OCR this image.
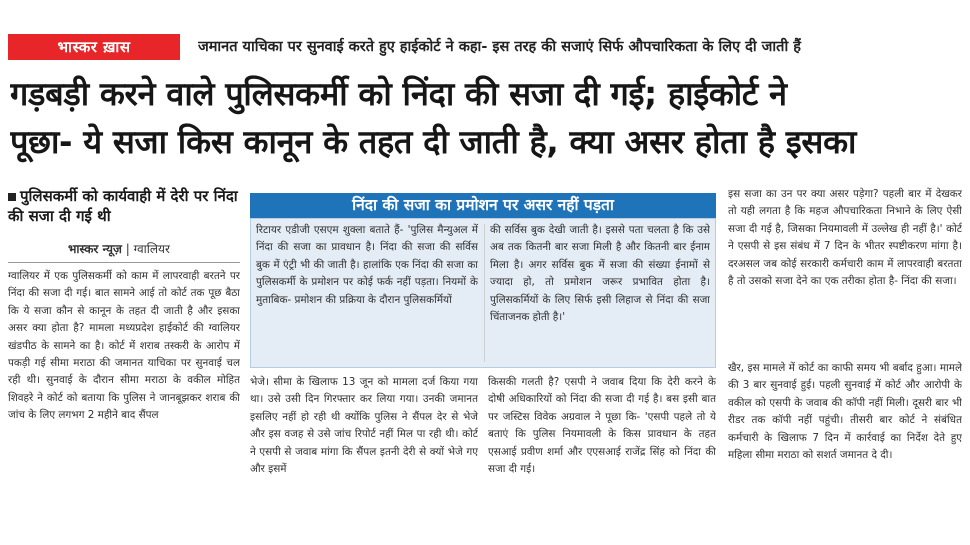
भास्कर ख़ास	जमानत याचिका पर सुनवाई करते हुए हाईकोर्ट ने कहा- इस तरह की सजाएं सिर्फ औपचारिकता के लिए दी जाती हैं
गड़बड़ी करने वाले पुलिसकर्मी को निंदा की सजा दी गई; हाईकोर्ट ने
पूछा- ये सजा किस कानून के तहत दी जाती है, क्या असर होता है इसका
पुलिसकर्मी को कार्यवाही में देरी पर निंदा की सजा दी गई थी
भास्कर न्यूज़ | ग्वालियर

ग्वालियर में एक पुलिसकर्मी को काम में लापरवाही बरतने पर निंदा की सजा दी गई। बात सामने आई तो कोर्ट तक पूछ बैठा कि ये सजा कौन से कानून के तहत दी जाती है और इसका असर क्या होता है? मामला मध्यप्रदेश हाईकोर्ट की ग्वालियर खंडपीठ के सामने का है। कोर्ट में शराब तस्करी के आरोप में पकड़ी गई सीमा मराठा की जमानत याचिका पर सुनवाई चल रही थी। सुनवाई के दौरान सीमा मराठा के वकील मोहित शिवहरे ने कोर्ट को बताया कि पुलिस ने जानबूझकर शराब की जांच के लिए लगभग 2 महीने बाद सैंपल

निंदा की सजा का प्रमोशन पर असर नहीं पड़ता

रिटायर एडीजी एसएम शुक्ला बताते हैं- 'पुलिस मैन्युअल में निंदा की सजा का प्रावधान है। निंदा की सजा की सर्विस बुक में एंट्री भी की जाती है। हालांकि एक निंदा की सजा का पुलिसकर्मी के प्रमोशन पर कोई फर्क नहीं पड़ता। नियमों के मुताबिक- प्रमोशन की प्रक्रिया के दौरान पुलिसकर्मियों

की सर्विस बुक देखी जाती है। इससे पता चलता है कि उसे अब तक कितनी बार सजा मिली है और कितनी बार ईनाम मिला है। अगर सर्विस बुक में सजा की संख्या ईनामों से ज्यादा हो, तो प्रमोशन जरूर प्रभावित होता है। पुलिसकर्मियों के लिए सिर्फ इसी लिहाज से निंदा की सजा चिंताजनक होती है।'

भेजे। सीमा के खिलाफ 13 जून को मामला दर्ज किया गया था। उसे उसी दिन गिरफ्तार कर लिया गया। उनकी जमानत इसलिए नहीं हो रही थी क्योंकि पुलिस ने सैंपल देर से भेजे और इस वजह से उसे जांच रिपोर्ट नहीं मिल पा रही थी। कोर्ट ने एसपी से जवाब मांगा कि सैंपल इतनी देरी से क्यों भेजे गए और इसमें

किसकी गलती है? एसपी ने जवाब दिया कि देरी करने के दोषी अधिकारियों को निंदा की सजा दी गई है। बस इसी बात पर जस्टिस विवेक अग्रवाल ने पूछा कि- 'एसपी पहले तो ये बताएं कि पुलिस नियमावली के किस प्रावधान के तहत एसआई प्रवीण शर्मा और एएसआई राजेंद्र सिंह को निंदा की सजा दी गई।

इस सजा का उन पर क्या असर पड़ेगा? पहली बार में देखकर तो यही लगता है कि महज औपचारिकता निभाने के लिए ऐसी सजा दी गई है, जिसका नियमावली में उल्लेख ही नहीं है।' कोर्ट ने एसपी से इस संबंध में 7 दिन के भीतर स्पष्टीकरण मांगा है। दरअसल जब कोई सरकारी कर्मचारी काम में लापरवाही बरतता है तो उसको सजा देने का एक तरीका होता है- निंदा की सजा।

खैर, इस मामले में कोर्ट का काफी समय भी बर्बाद हुआ। मामले की 3 बार सुनवाई हुई। पहली सुनवाई में कोर्ट और आरोपी के वकील को एसपी के जवाब की कॉपी नहीं मिली। दूसरी बार भी रीडर तक कॉपी नहीं पहुंची। तीसरी बार कोर्ट ने संबंधित कर्मचारी के खिलाफ 7 दिन में कार्रवाई का निर्देश देते हुए महिला सीमा मराठा को सशर्त जमानत दे दी।
